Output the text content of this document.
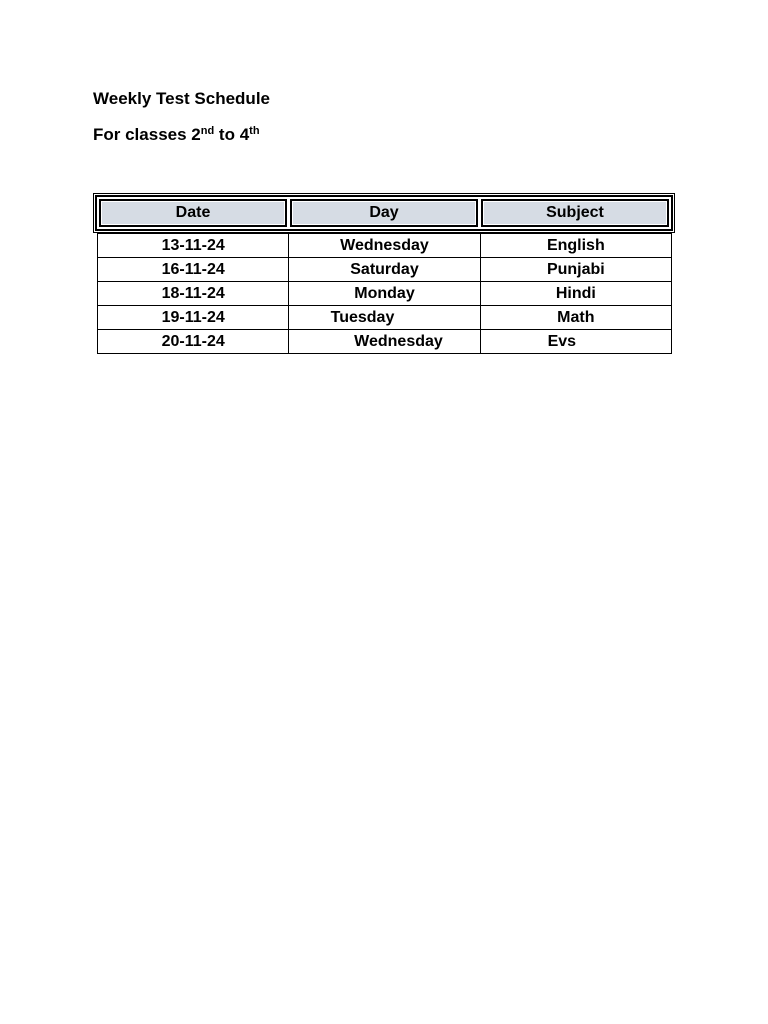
Weekly Test Schedule

For classes 2nd to 4th

Date	Day	Subject
13-11-24	Wednesday	English
16-11-24	Saturday	Punjabi
18-11-24	Monday	Hindi
19-11-24	Tuesday	Math
20-11-24	Wednesday	Evs
